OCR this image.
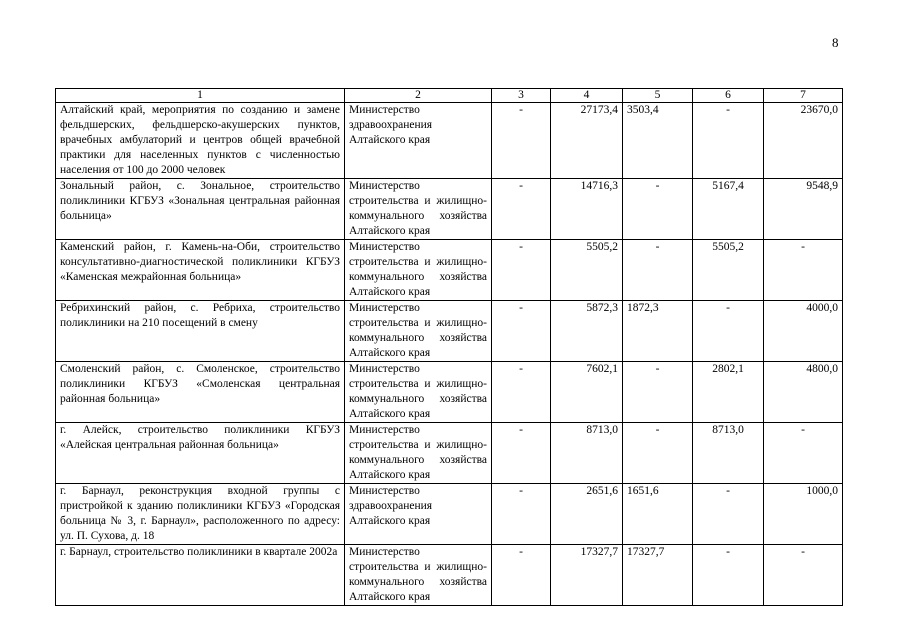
8
1	2	3	4	5	6	7
Алтайский край, мероприятия по созданию и замене фельдшерских, фельдшерско-акушерских пунктов, врачебных амбулаторий и центров общей врачебной практики для населенных пунктов с численностью населения от 100 до 2000 человек	Министерство здравоохранения Алтайского края	-	27173,4	3503,4	-	23670,0
Зональный район, с. Зональное, строительство поликлиники КГБУЗ «Зональная центральная районная больница»	Министерство строительства и жилищно-коммунального хозяйства Алтайского края	-	14716,3	-	5167,4	9548,9
Каменский район, г. Камень-на-Оби, строительство консультативно-диагностической поликлиники КГБУЗ «Каменская межрайонная больница»	Министерство строительства и жилищно-коммунального хозяйства Алтайского края	-	5505,2	-	5505,2	-
Ребрихинский район, с. Ребриха, строительство поликлиники на 210 посещений в смену	Министерство строительства и жилищно-коммунального хозяйства Алтайского края	-	5872,3	1872,3	-	4000,0
Смоленский район, с. Смоленское, строительство поликлиники КГБУЗ «Смоленская центральная районная больница»	Министерство строительства и жилищно-коммунального хозяйства Алтайского края	-	7602,1	-	2802,1	4800,0
г. Алейск, строительство поликлиники КГБУЗ «Алейская центральная районная больница»	Министерство строительства и жилищно-коммунального хозяйства Алтайского края	-	8713,0	-	8713,0	-
г. Барнаул, реконструкция входной группы с пристройкой к зданию поликлиники КГБУЗ «Городская больница № 3, г. Барнаул», расположенного по адресу: ул. П. Сухова, д. 18	Министерство здравоохранения Алтайского края	-	2651,6	1651,6	-	1000,0
г. Барнаул, строительство поликлиники в квартале 2002а	Министерство строительства и жилищно-коммунального хозяйства Алтайского края	-	17327,7	17327,7	-	-
